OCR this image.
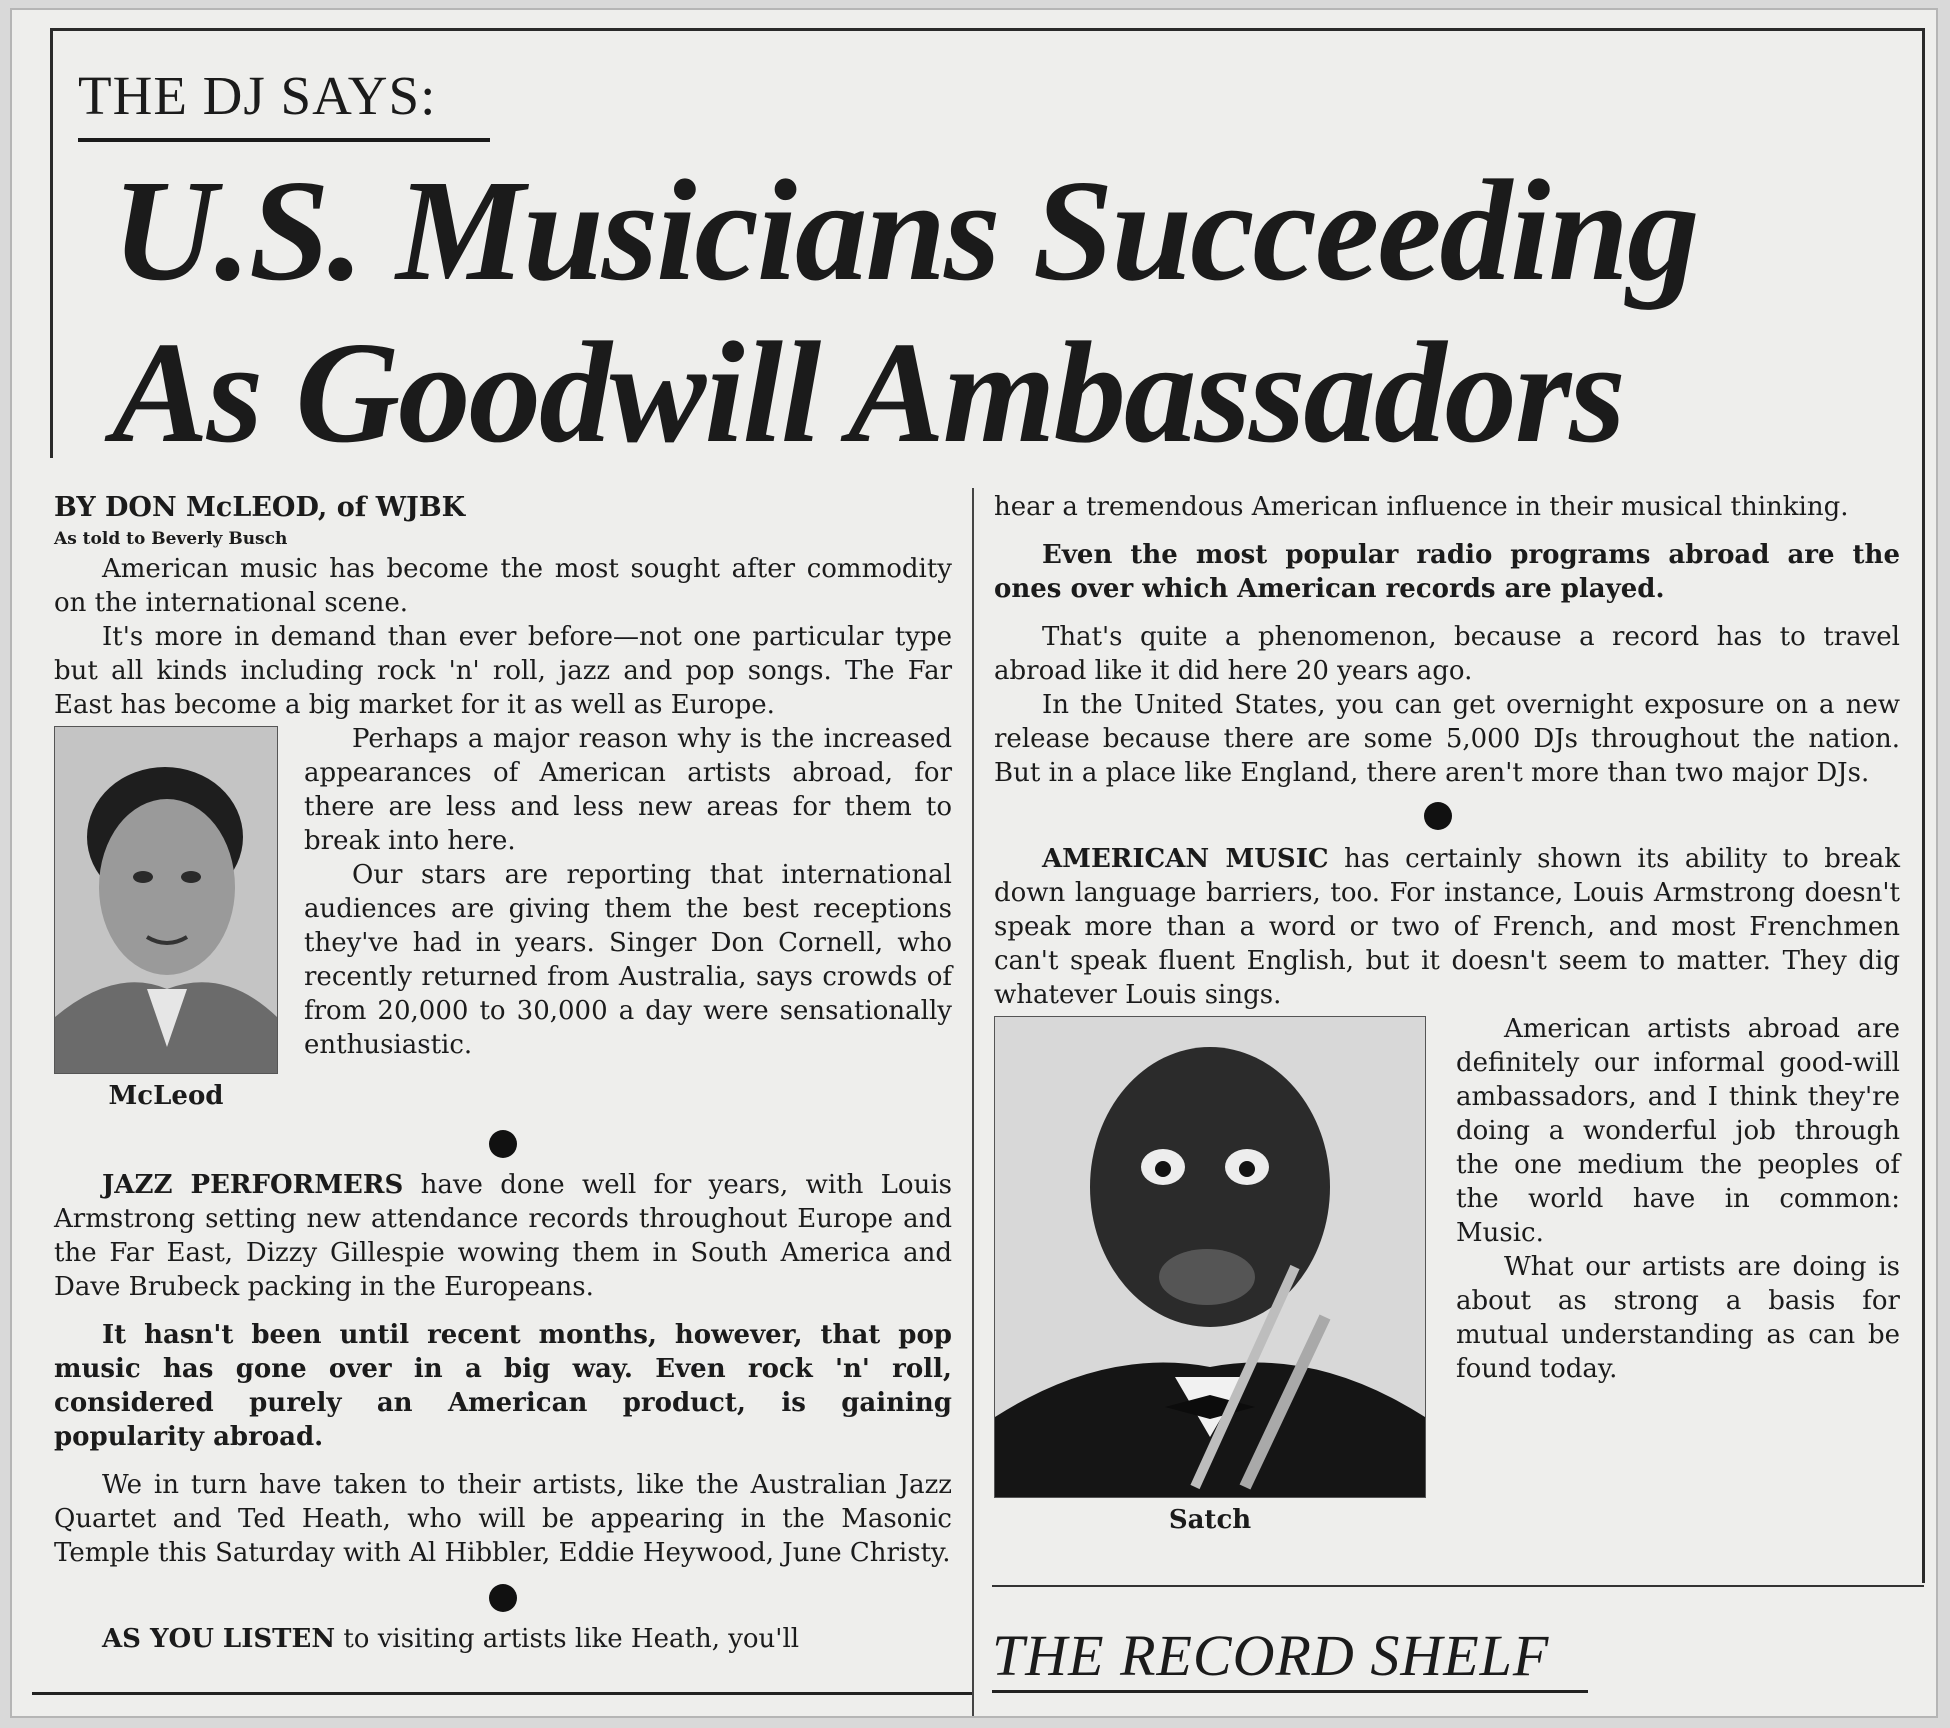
THE DJ SAYS:
U.S. Musicians Succeeding
As Goodwill Ambassadors

BY DON McLEOD, of WJBK

As told to Beverly Busch

American music has become the most sought after commodity on the international scene.

It's more in demand than ever before—not one particular type but all kinds including rock 'n' roll, jazz and pop songs. The Far East has become a big market for it as well as Europe.

McLeod

Perhaps a major reason why is the increased appearances of American artists abroad, for there are less and less new areas for them to break into here.

Our stars are reporting that international audiences are giving them the best receptions they've had in years. Singer Don Cornell, who recently returned from Australia, says crowds of from 20,000 to 30,000 a day were sensationally enthusiastic.

JAZZ PERFORMERS have done well for years, with Louis Armstrong setting new attendance records throughout Europe and the Far East, Dizzy Gillespie wowing them in South America and Dave Brubeck packing in the Europeans.

It hasn't been until recent months, however, that pop music has gone over in a big way. Even rock 'n' roll, considered purely an American product, is gaining popularity abroad.

We in turn have taken to their artists, like the Australian Jazz Quartet and Ted Heath, who will be appearing in the Masonic Temple this Saturday with Al Hibbler, Eddie Heywood, June Christy.

AS YOU LISTEN to visiting artists like Heath, you'll

hear a tremendous American influence in their musical thinking.

Even the most popular radio programs abroad are the ones over which American records are played.

That's quite a phenomenon, because a record has to travel abroad like it did here 20 years ago.

In the United States, you can get overnight exposure on a new release because there are some 5,000 DJs throughout the nation. But in a place like England, there aren't more than two major DJs.

AMERICAN MUSIC has certainly shown its ability to break down language barriers, too. For instance, Louis Armstrong doesn't speak more than a word or two of French, and most Frenchmen can't speak fluent English, but it doesn't seem to matter. They dig whatever Louis sings.

Satch

American artists abroad are definitely our informal good-will ambassadors, and I think they're doing a wonderful job through the one medium the peoples of the world have in common: Music.

What our artists are doing is about as strong a basis for mutual understanding as can be found today.

THE RECORD SHELF
